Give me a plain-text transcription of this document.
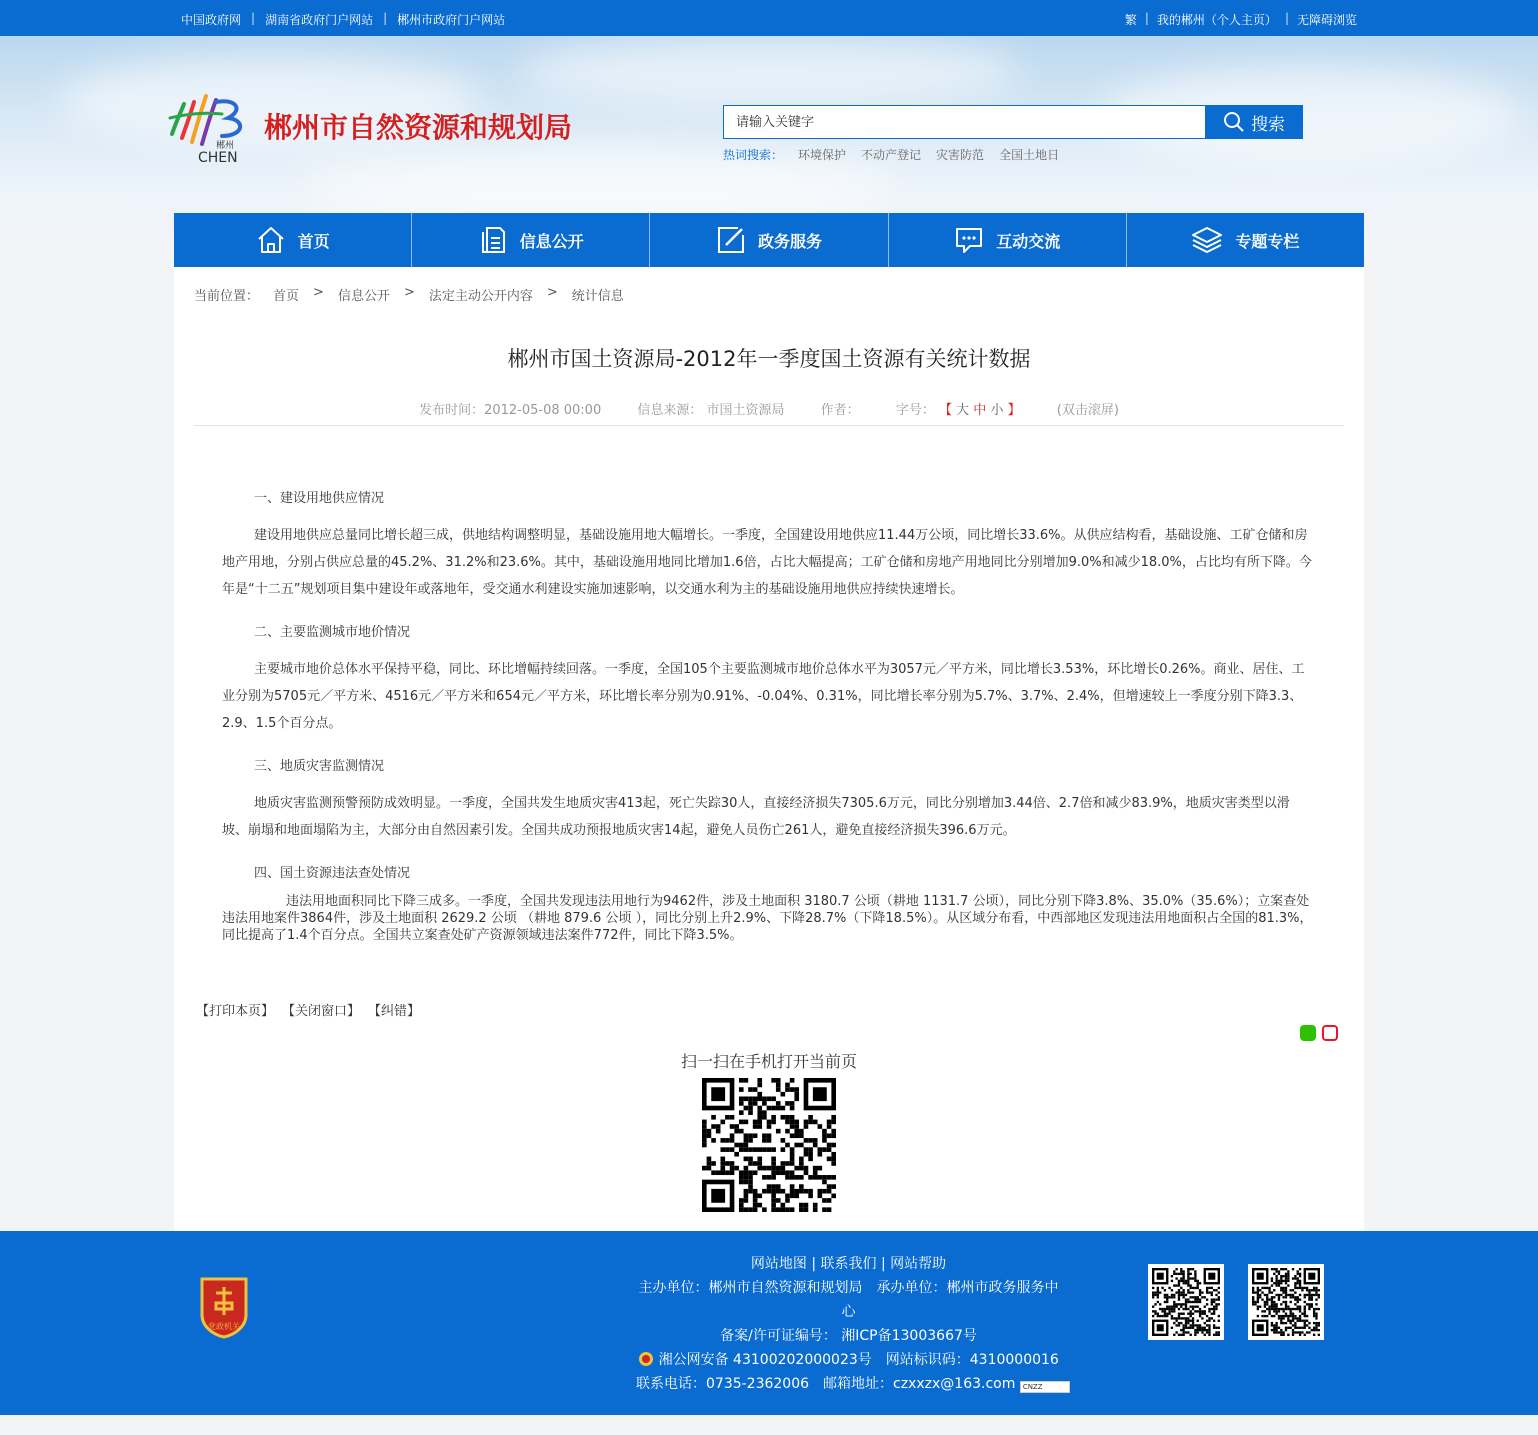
中国政府网 | 湖南省政府门户网站 | 郴州市政府门户网站	繁 | 我的郴州（个人主页） | 无障碍浏览
郴州
CHEN
郴州市自然资源和规划局
请输入关键字	搜索
热词搜索： 环境保护 不动产登记 灾害防范 全国土地日
首页	信息公开	政务服务	互动交流	专题专栏
当前位置： 首页 > 信息公开 > 法定主动公开内容 > 统计信息
郴州市国土资源局-2012年一季度国土资源有关统计数据
发布时间：2012-05-08 00:00	信息来源： 市国土资源局	作者：	字号： 【 大 中 小 】	(双击滚屏)

一、建设用地供应情况

建设用地供应总量同比增长超三成，供地结构调整明显，基础设施用地大幅增长。一季度，全国建设用地供应11.44万公顷，同比增长33.6%。从供应结构看，基础设施、工矿仓储和房地产用地，分别占供应总量的45.2%、31.2%和23.6%。其中，基础设施用地同比增加1.6倍，占比大幅提高；工矿仓储和房地产用地同比分别增加9.0%和减少18.0%，占比均有所下降。今年是“十二五”规划项目集中建设年或落地年，受交通水利建设实施加速影响，以交通水利为主的基础设施用地供应持续快速增长。

二、主要监测城市地价情况

主要城市地价总体水平保持平稳，同比、环比增幅持续回落。一季度，全国105个主要监测城市地价总体水平为3057元／平方米，同比增长3.53%，环比增长0.26%。商业、居住、工业分别为5705元／平方米、4516元／平方米和654元／平方米，环比增长率分别为0.91%、-0.04%、0.31%，同比增长率分别为5.7%、3.7%、2.4%，但增速较上一季度分别下降3.3、2.9、1.5个百分点。

三、地质灾害监测情况

地质灾害监测预警预防成效明显。一季度，全国共发生地质灾害413起，死亡失踪30人，直接经济损失7305.6万元，同比分别增加3.44倍、2.7倍和减少83.9%，地质灾害类型以滑坡、崩塌和地面塌陷为主，大部分由自然因素引发。全国共成功预报地质灾害14起，避免人员伤亡261人，避免直接经济损失396.6万元。

四、国土资源违法查处情况

违法用地面积同比下降三成多。一季度，全国共发现违法用地行为9462件，涉及土地面积 3180.7 公顷（耕地 1131.7 公顷），同比分别下降3.8%、35.0%（35.6%）；立案查处违法用地案件3864件，涉及土地面积 2629.2 公顷 （耕地 879.6 公顷 ），同比分别上升2.9%、下降28.7%（下降18.5%）。从区域分布看，中西部地区发现违法用地面积占全国的81.3%，同比提高了1.4个百分点。全国共立案查处矿产资源领域违法案件772件，同比下降3.5%。

【打印本页】 【关闭窗口】 【纠错】
扫一扫在手机打开当前页
党政机关
网站地图 | 联系我们 | 网站帮助
主办单位：郴州市自然资源和规划局　承办单位：郴州市政务服务中心
备案/许可证编号： 湘ICP备13003667号
湘公网安备 43100202000023号　网站标识码：4310000016
联系电话：0735-2362006　邮箱地址：czxxzx@163.com CNZZ
